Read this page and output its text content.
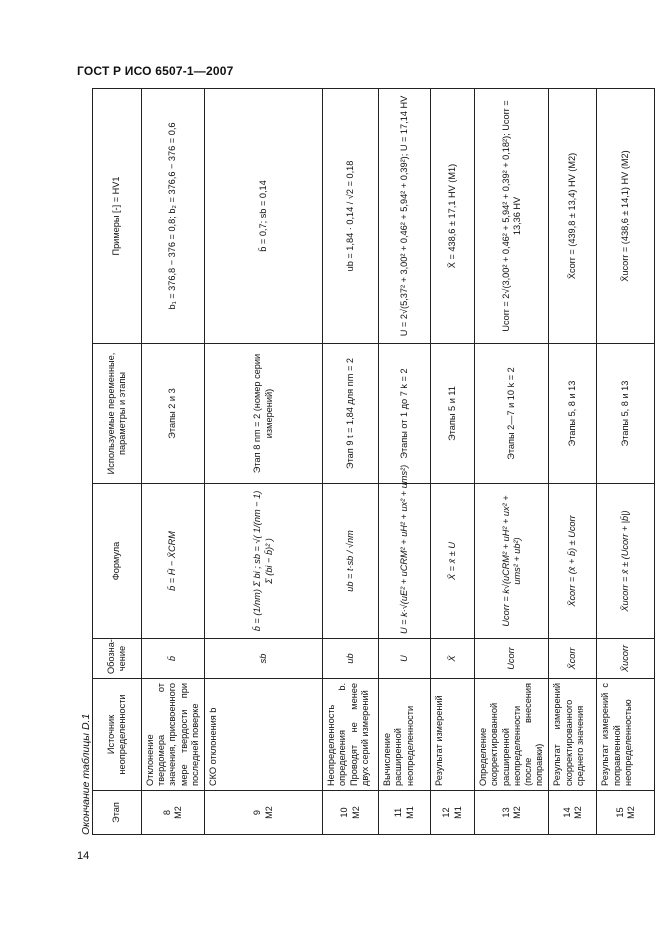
ГОСТ Р ИСО 6507-1—2007
Окончание таблицы D.1 Этап	Источник неопределенности	Обозна-чение	Формула	Используемые переменные, параметры и этапы	Примеры [-] = HV1

8 M2	Отклонение твердомера от значения, присвоенного мере твердости при последней поверке	b̄	b̄ = H̄ − X̄CRM	Этапы 2 и 3	b₁ = 376,8 − 376 = 0,8; b₂ = 376,6 − 376 = 0,6

9 M2	СКО отклонения b	sb	b̄ = (1/nm) Σ bi ; sb = √( 1/(nm − 1) Σ (bi − b̄)² )	Этап 8 nm = 2 (номер серии измерений)	b̄ = 0,7; sb = 0,14

10 M2	Неопределенность определения b. Проводят не менее двух серий измерений	ub	ub = t·sb / √nm	Этап 9 t = 1,84 для nm = 2	ub = 1,84 · 0,14 / √2 = 0,18

11 M1	Вычисление расширенной неопределенности	U	U = k·√(uE² + uCRM² + uH² + ux² + ums²)	Этапы от 1 до 7 k = 2	U = 2√(5,37² + 3,00² + 0,46² + 5,94² + 0,39²); U = 17,14 HV

12 M1	Результат измерений	X̄	X̄ = x̄ ± U	Этапы 5 и 11	X̄ = 438,6 ± 17,1 HV (M1)

13 M2	Определение скорректированной расширенной неопределенности (после внесения поправки)	Ucorr	Ucorr = k√(uCRM² + uH² + ux² + ums² + ub²)	Этапы 2—7 и 10 k = 2	Ucorr = 2√(3,00² + 0,46² + 5,94² + 0,39² + 0,18²); Ucorr = 13,36 HV

14 M2	Результат измерений скорректированного среднего значения	X̄corr	X̄corr = (x̄ + b̄) ± Ucorr	Этапы 5, 8 и 13	X̄corr = (439,8 ± 13,4) HV (M2)

15 M2	Результат измерений с поправленной неопределенностью	X̄ucorr	X̄ucorr = x̄ ± (Ucorr + |b̄|)	Этапы 5, 8 и 13	X̄ucorr = (438,6 ± 14,1) HV (M2)
14
